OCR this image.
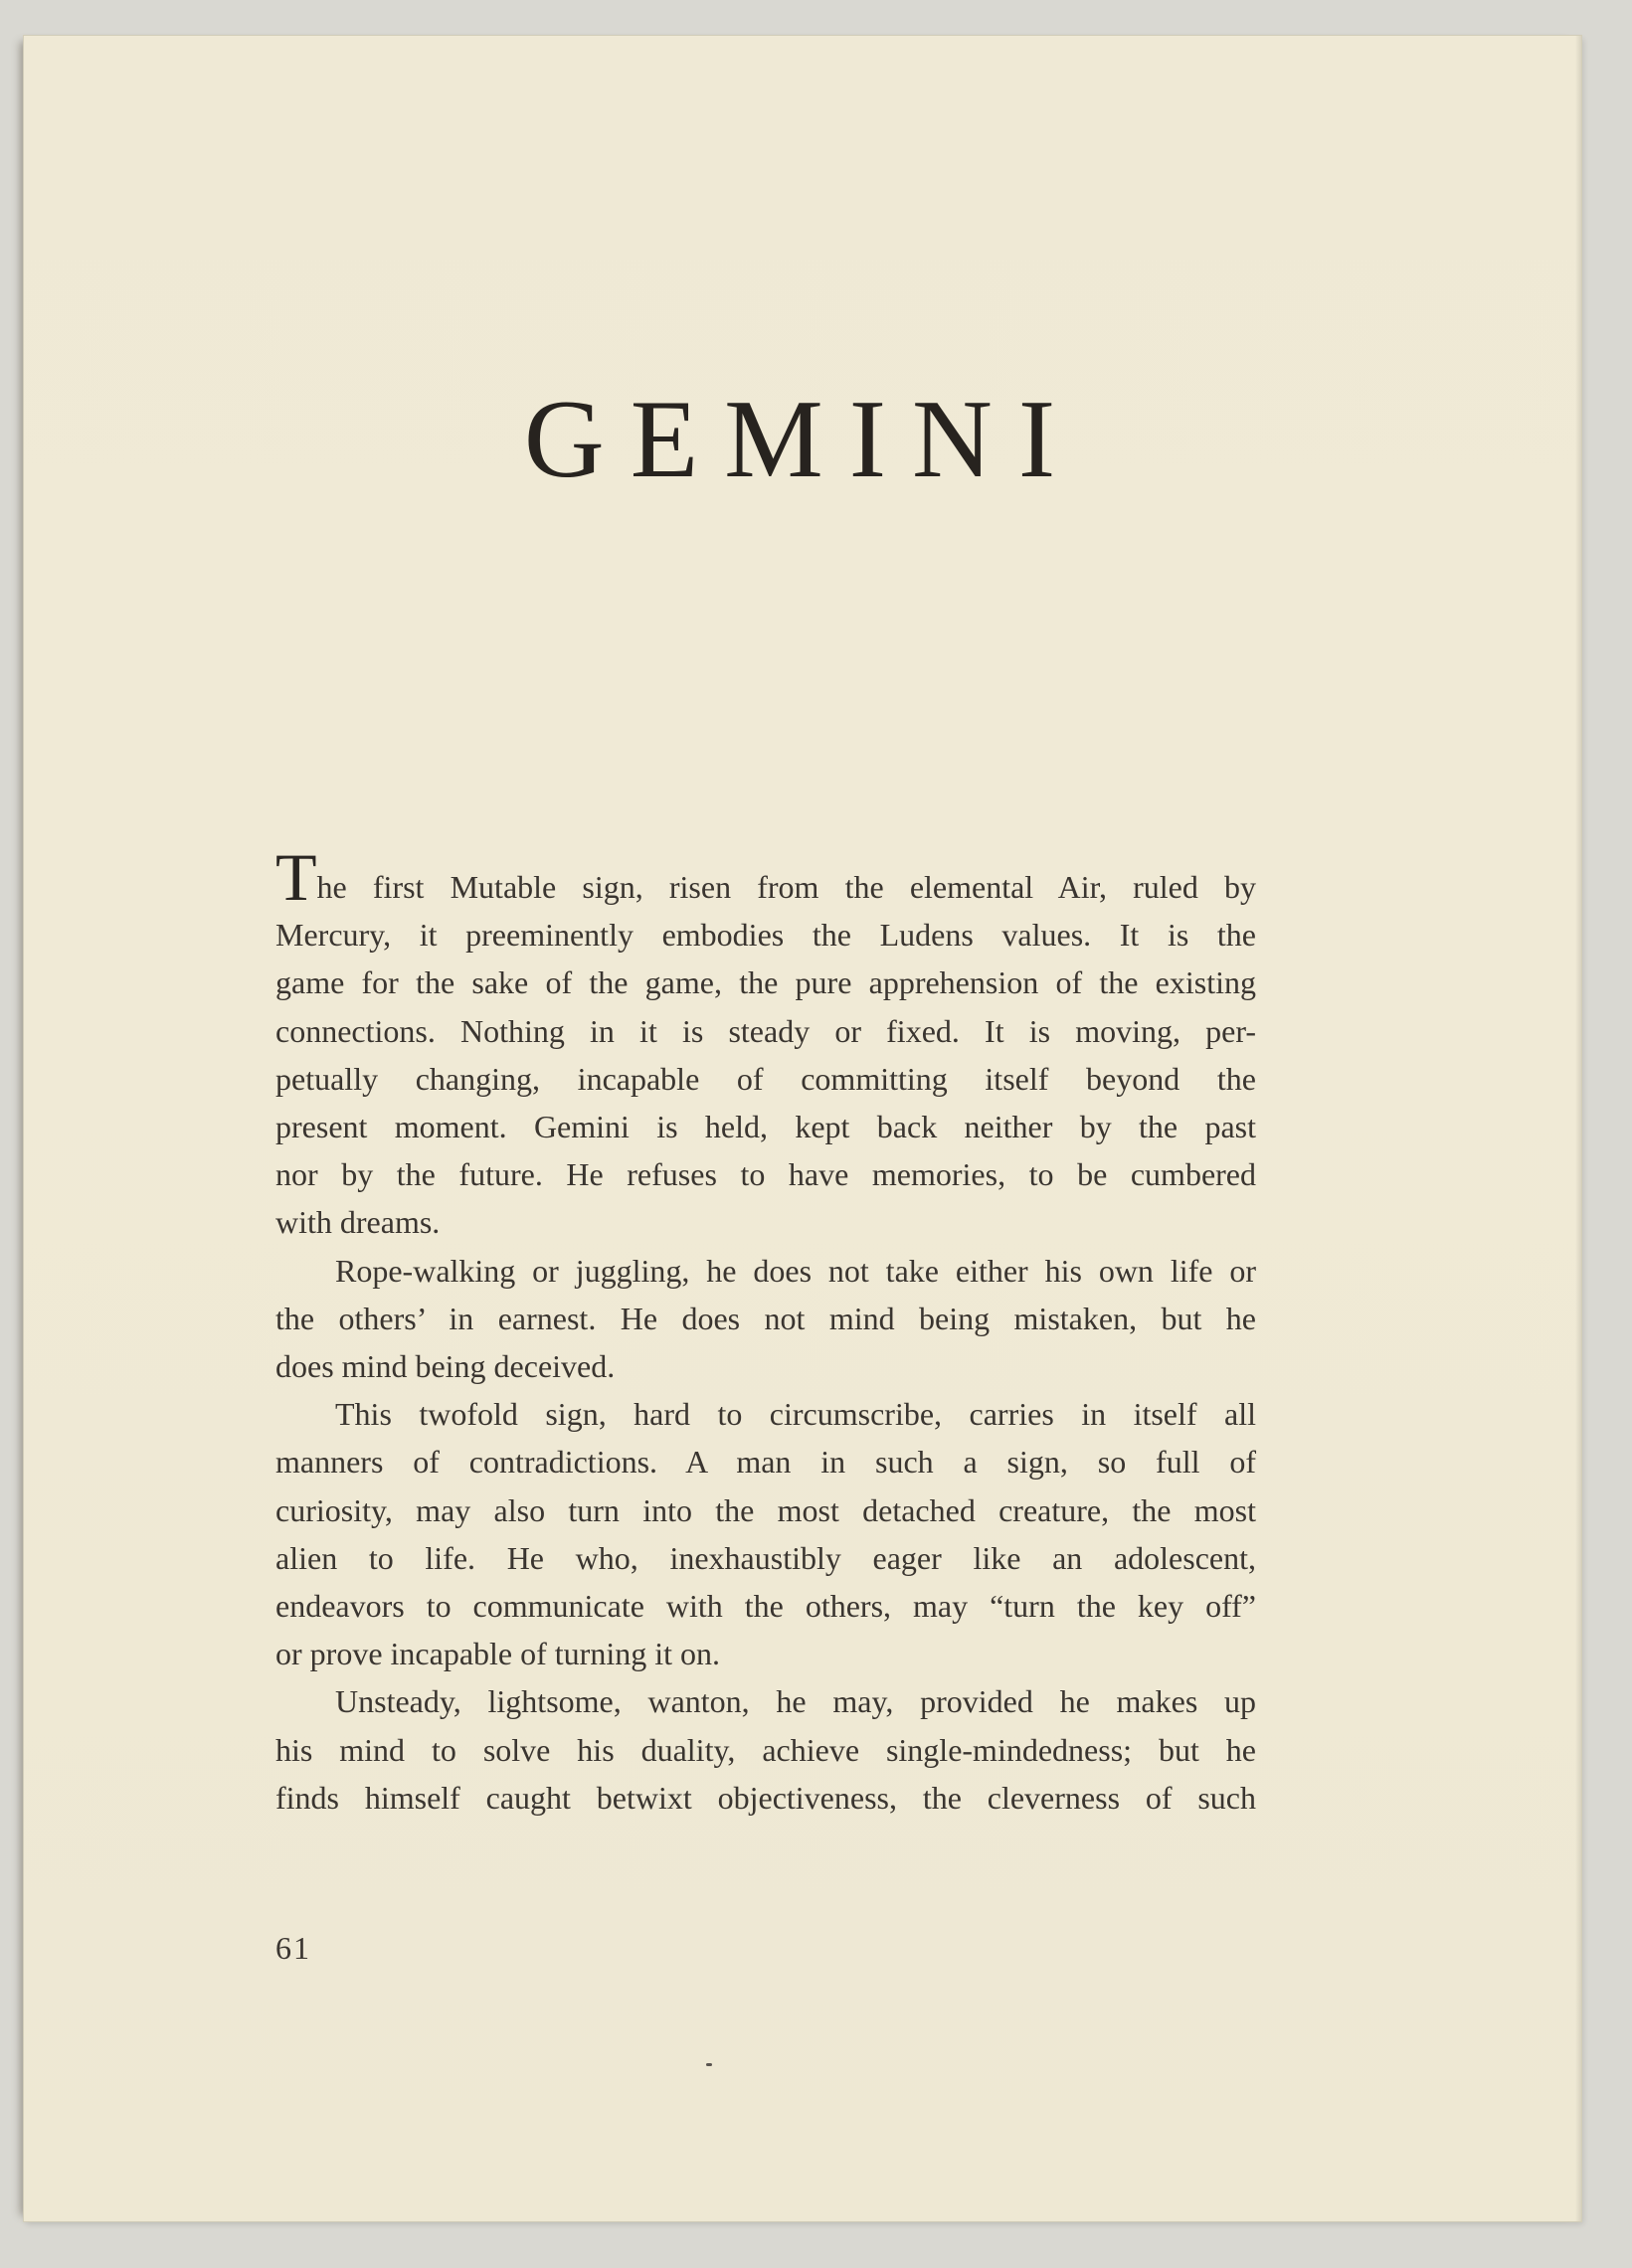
GEMINI

The first Mutable sign, risen from the elemental Air, ruled by
Mercury, it preeminently embodies the Ludens values. It is the
game for the sake of the game, the pure apprehension of the existing
connections. Nothing in it is steady or fixed. It is moving, per-
petually changing, incapable of committing itself beyond the
present moment. Gemini is held, kept back neither by the past
nor by the future. He refuses to have memories, to be cumbered
with dreams.

Rope-walking or juggling, he does not take either his own life or
the others’ in earnest. He does not mind being mistaken, but he
does mind being deceived.

This twofold sign, hard to circumscribe, carries in itself all
manners of contradictions. A man in such a sign, so full of
curiosity, may also turn into the most detached creature, the most
alien to life. He who, inexhaustibly eager like an adolescent,
endeavors to communicate with the others, may “turn the key off”
or prove incapable of turning it on.

Unsteady, lightsome, wanton, he may, provided he makes up
his mind to solve his duality, achieve single-mindedness; but he
finds himself caught betwixt objectiveness, the cleverness of such

61
